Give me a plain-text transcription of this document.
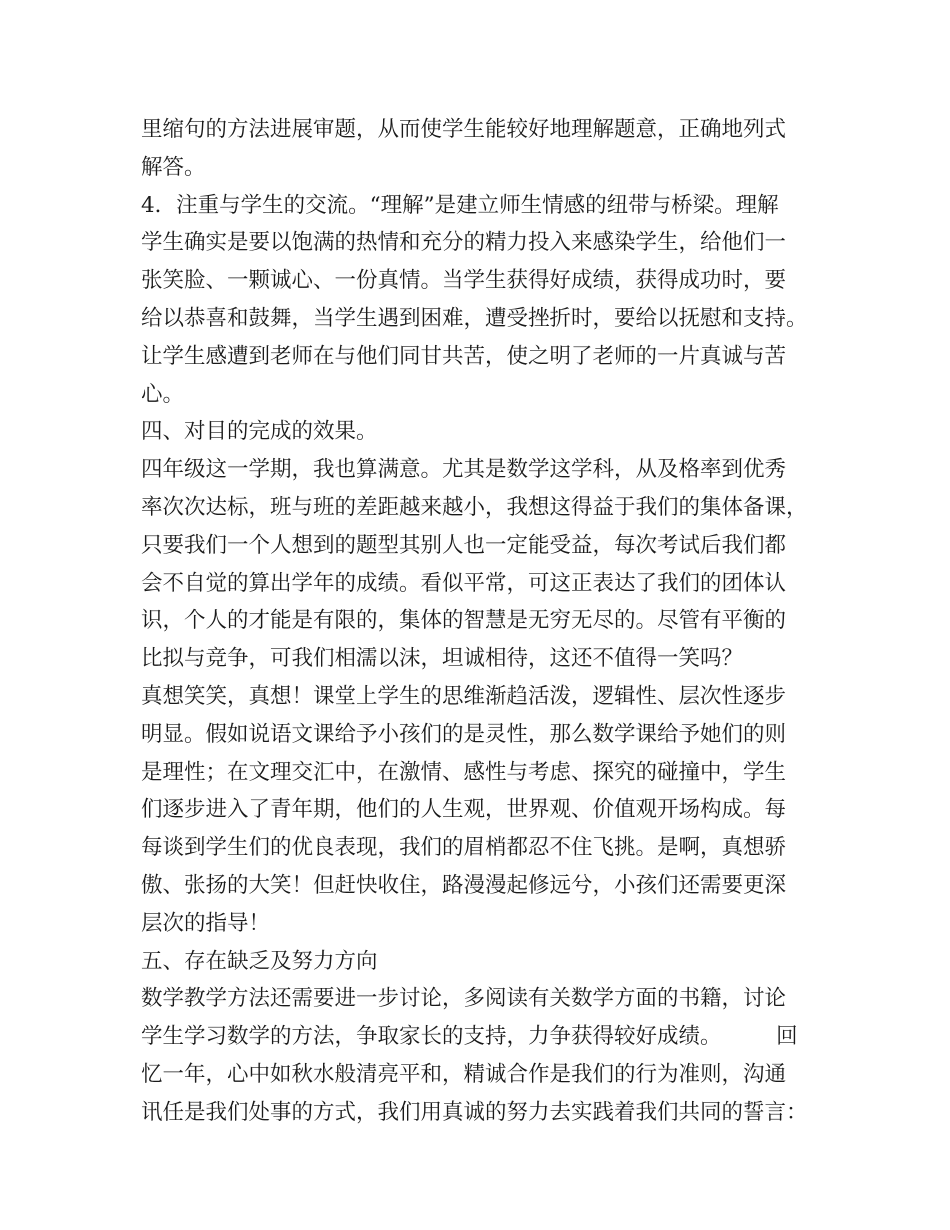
里缩句的方法进展审题，从而使学生能较好地理解题意，正确地列式
解答。
4．注重与学生的交流。“理解”是建立师生情感的纽带与桥梁。理解
学生确实是要以饱满的热情和充分的精力投入来感染学生，给他们一
张笑脸、一颗诚心、一份真情。当学生获得好成绩，获得成功时，要
给以恭喜和鼓舞，当学生遇到困难，遭受挫折时，要给以抚慰和支持。
让学生感遭到老师在与他们同甘共苦，使之明了老师的一片真诚与苦
心。
四、对目的完成的效果。
四年级这一学期，我也算满意。尤其是数学这学科，从及格率到优秀
率次次达标，班与班的差距越来越小，我想这得益于我们的集体备课，
只要我们一个人想到的题型其别人也一定能受益，每次考试后我们都
会不自觉的算出学年的成绩。看似平常，可这正表达了我们的团体认
识，个人的才能是有限的，集体的智慧是无穷无尽的。尽管有平衡的
比拟与竞争，可我们相濡以沫，坦诚相待，这还不值得一笑吗？
真想笑笑，真想！课堂上学生的思维渐趋活泼，逻辑性、层次性逐步
明显。假如说语文课给予小孩们的是灵性，那么数学课给予她们的则
是理性；在文理交汇中，在激情、感性与考虑、探究的碰撞中，学生
们逐步进入了青年期，他们的人生观，世界观、价值观开场构成。每
每谈到学生们的优良表现，我们的眉梢都忍不住飞挑。是啊，真想骄
傲、张扬的大笑！但赶快收住，路漫漫起修远兮，小孩们还需要更深
层次的指导！
五、存在缺乏及努力方向
数学教学方法还需要进一步讨论，多阅读有关数学方面的书籍，讨论
学生学习数学的方法，争取家长的支持，力争获得较好成绩。        回
忆一年，心中如秋水般清亮平和，精诚合作是我们的行为准则，沟通
讯任是我们处事的方式，我们用真诚的努力去实践着我们共同的誓言：
